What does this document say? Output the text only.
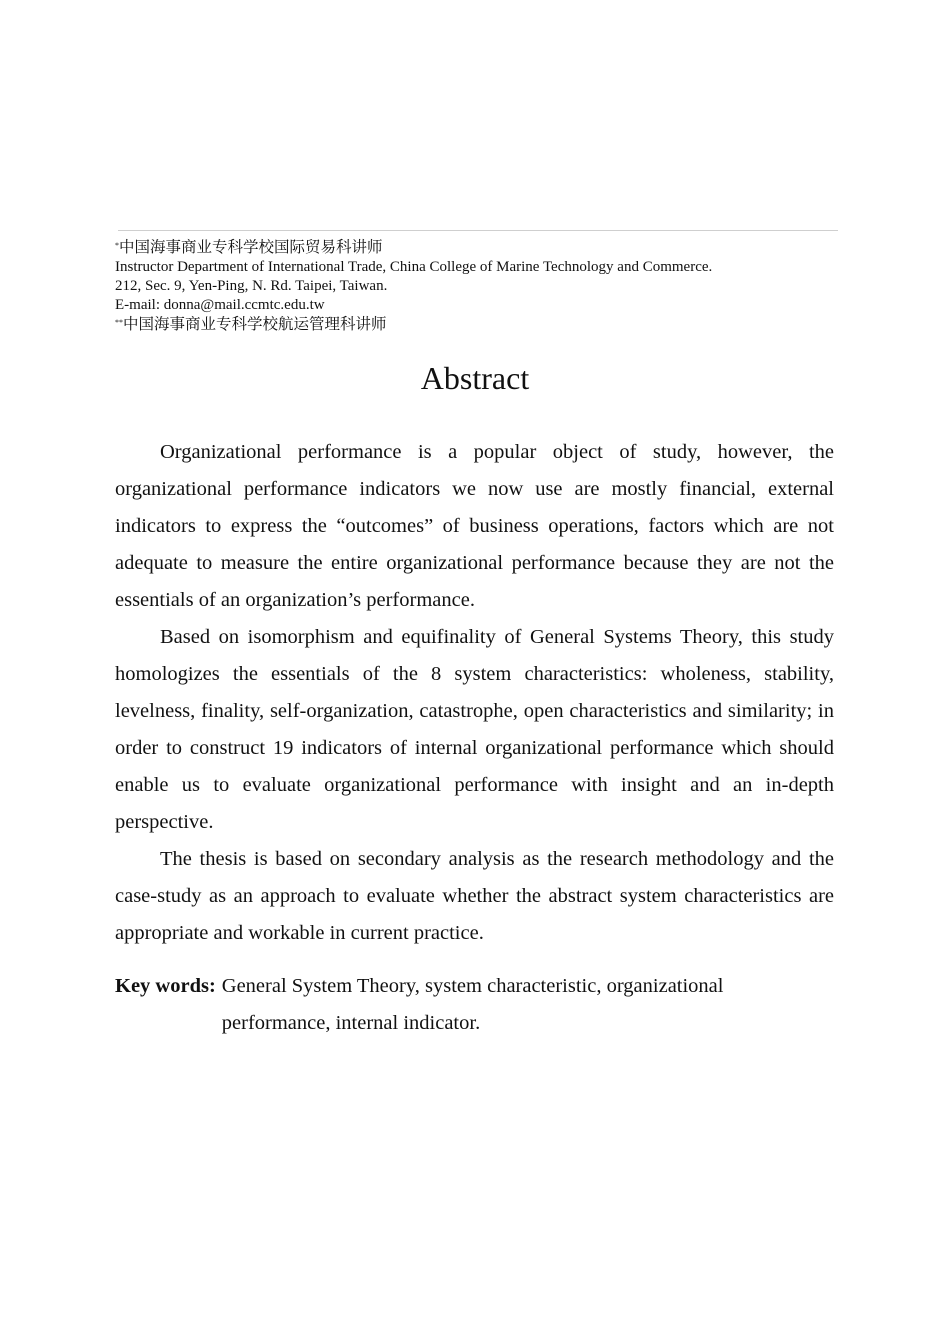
*中国海事商业专科学校国际贸易科讲师
Instructor Department of International Trade, China College of Marine Technology and Commerce.
212, Sec. 9, Yen-Ping, N. Rd. Taipei, Taiwan.
E-mail: donna@mail.ccmtc.edu.tw
**中国海事商业专科学校航运管理科讲师
Abstract

Organizational performance is a popular object of study, however, the organizational performance indicators we now use are mostly financial, external indicators to express the “outcomes” of business operations, factors which are not adequate to measure the entire organizational performance because they are not the essentials of an organization’s performance.

Based on isomorphism and equifinality of General Systems Theory, this study homologizes the essentials of the 8 system characteristics: wholeness, stability, levelness, finality, self-organization, catastrophe, open characteristics and similarity; in order to construct 19 indicators of internal organizational performance which should enable us to evaluate organizational performance with insight and an in-depth perspective.

The thesis is based on secondary analysis as the research methodology and the case-study as an approach to evaluate whether the abstract system characteristics are appropriate and workable in current practice.

Key words: General System Theory, system characteristic, organizational performance, internal indicator.
